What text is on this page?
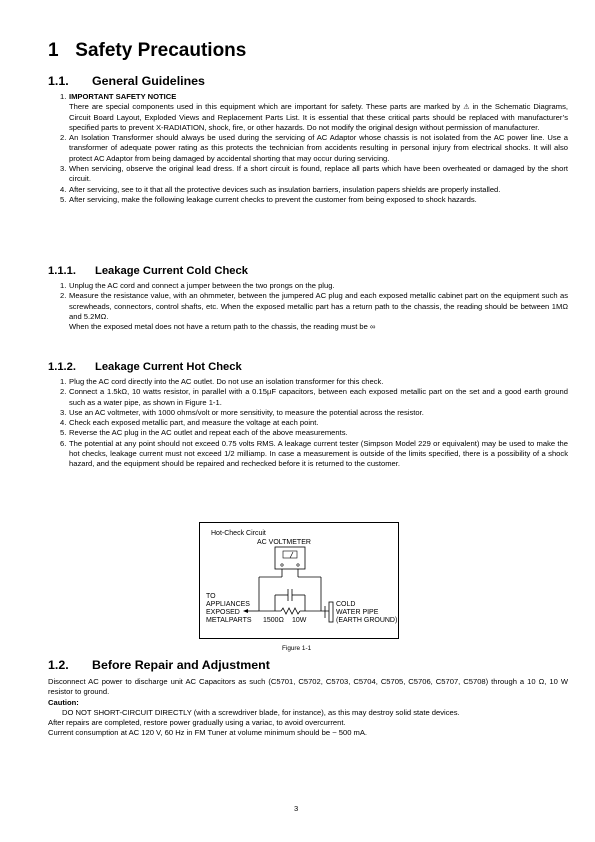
1 Safety Precautions
1.1. General Guidelines
1. IMPORTANT SAFETY NOTICE
There are special components used in this equipment which are important for safety. These parts are marked by ⚠ in the Schematic Diagrams, Circuit Board Layout, Exploded Views and Replacement Parts List. It is essential that these critical parts should be replaced with manufacturer’s specified parts to prevent X-RADIATION, shock, fire, or other hazards. Do not modify the original design without permission of manufacturer.
2. An Isolation Transformer should always be used during the servicing of AC Adaptor whose chassis is not isolated from the AC power line. Use a transformer of adequate power rating as this protects the technician from accidents resulting in personal injury from electrical shocks. It will also protect AC Adaptor from being damaged by accidental shorting that may occur during servicing.
3. When servicing, observe the original lead dress. If a short circuit is found, replace all parts which have been overheated or damaged by the short circuit.
4. After servicing, see to it that all the protective devices such as insulation barriers, insulation papers shields are properly installed.
5. After servicing, make the following leakage current checks to prevent the customer from being exposed to shock hazards.
1.1.1. Leakage Current Cold Check
1. Unplug the AC cord and connect a jumper between the two prongs on the plug.
2. Measure the resistance value, with an ohmmeter, between the jumpered AC plug and each exposed metallic cabinet part on the equipment such as screwheads, connectors, control shafts, etc. When the exposed metallic part has a return path to the chassis, the reading should be between 1MΩ and 5.2MΩ.
When the exposed metal does not have a return path to the chassis, the reading must be ∞
1.1.2. Leakage Current Hot Check
1. Plug the AC cord directly into the AC outlet. Do not use an isolation transformer for this check.
2. Connect a 1.5kΩ, 10 watts resistor, in parallel with a 0.15µF capacitors, between each exposed metallic part on the set and a good earth ground such as a water pipe, as shown in Figure 1-1.
3. Use an AC voltmeter, with 1000 ohms/volt or more sensitivity, to measure the potential across the resistor.
4. Check each exposed metallic part, and measure the voltage at each point.
5. Reverse the AC plug in the AC outlet and repeat each of the above measurements.
6. The potential at any point should not exceed 0.75 volts RMS. A leakage current tester (Simpson Model 229 or equivalent) may be used to make the hot checks, leakage current must not exceed 1/2 milliamp. In case a measurement is outside of the limits specified, there is a possibility of a shock hazard, and the equipment should be repaired and rechecked before it is returned to the customer.
Hot-Check Circuit
AC VOLTMETER
TO APPLIANCES EXPOSED METALPARTS 1500Ω 10W
COLD WATER PIPE (EARTH GROUND)
Figure 1-1
1.2. Before Repair and Adjustment
Disconnect AC power to discharge unit AC Capacitors as such (C5701, C5702, C5703, C5704, C5705, C5706, C5707, C5708) through a 10 Ω, 10 W resistor to ground.
Caution:
DO NOT SHORT-CIRCUIT DIRECTLY (with a screwdriver blade, for instance), as this may destroy solid state devices.
After repairs are completed, restore power gradually using a variac, to avoid overcurrent.
Current consumption at AC 120 V, 60 Hz in FM Tuner at volume minimum should be ~ 500 mA.
3
